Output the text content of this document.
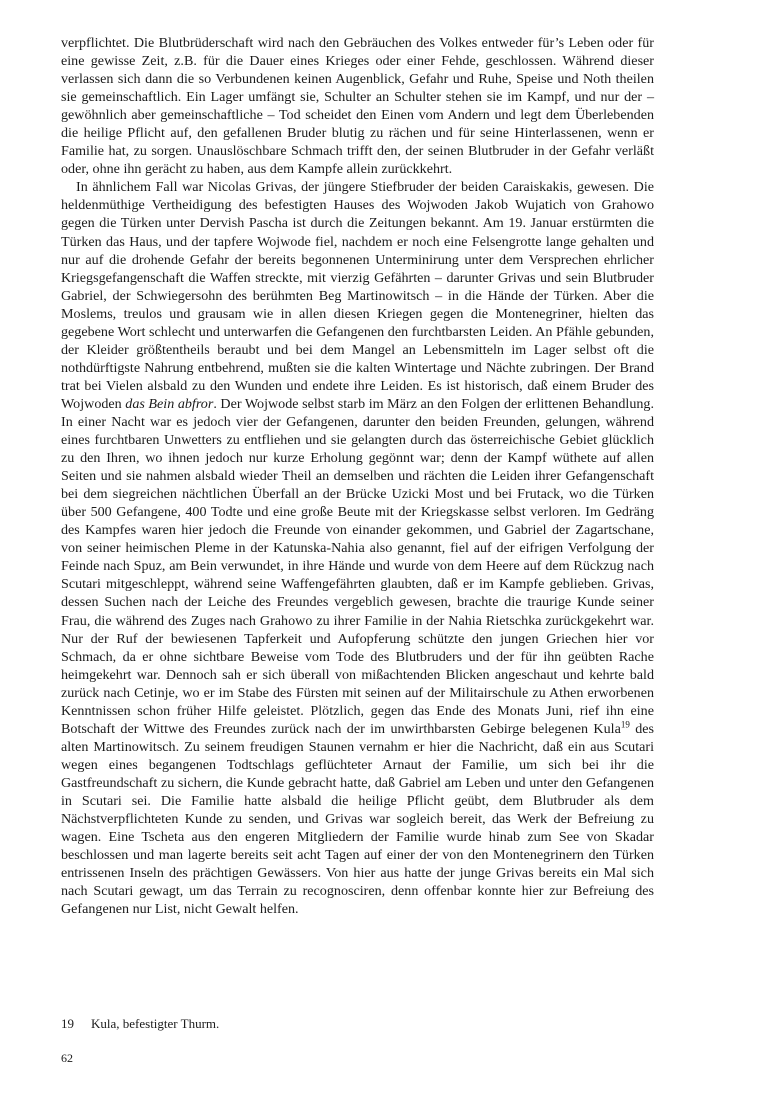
verpflichtet. Die Blutbrüderschaft wird nach den Gebräuchen des Volkes entweder für’s Leben oder für eine gewisse Zeit, z.B. für die Dauer eines Krieges oder einer Fehde, geschlossen. Während dieser verlassen sich dann die so Verbundenen keinen Augenblick, Gefahr und Ruhe, Speise und Noth theilen sie gemeinschaftlich. Ein Lager umfängt sie, Schulter an Schulter stehen sie im Kampf, und nur der – gewöhnlich aber gemeinschaftliche – Tod scheidet den Einen vom Andern und legt dem Überlebenden die heilige Pflicht auf, den gefallenen Bruder blutig zu rächen und für seine Hinterlassenen, wenn er Familie hat, zu sorgen. Unauslöschbare Schmach trifft den, der seinen Blutbruder in der Gefahr verläßt oder, ohne ihn gerächt zu haben, aus dem Kampfe allein zurückkehrt.

In ähnlichem Fall war Nicolas Grivas, der jüngere Stiefbruder der beiden Caraiskakis, gewesen. Die heldenmüthige Vertheidigung des befestigten Hauses des Wojwoden Jakob Wujatich von Grahowo gegen die Türken unter Dervish Pascha ist durch die Zeitungen bekannt. Am 19. Januar erstürmten die Türken das Haus, und der tapfere Wojwode fiel, nachdem er noch eine Felsengrotte lange gehalten und nur auf die drohende Gefahr der bereits begonnenen Unterminirung unter dem Versprechen ehrlicher Kriegsgefangenschaft die Waffen streckte, mit vierzig Gefährten – darunter Grivas und sein Blutbruder Gabriel, der Schwiegersohn des berühmten Beg Martinowitsch – in die Hände der Türken. Aber die Moslems, treulos und grausam wie in allen diesen Kriegen gegen die Montenegriner, hielten das gegebene Wort schlecht und unterwarfen die Gefangenen den furchtbarsten Leiden. An Pfähle gebunden, der Kleider größtentheils beraubt und bei dem Mangel an Lebensmitteln im Lager selbst oft die nothdürftigste Nahrung entbehrend, mußten sie die kalten Wintertage und Nächte zubringen. Der Brand trat bei Vielen alsbald zu den Wunden und endete ihre Leiden. Es ist historisch, daß einem Bruder des Wojwoden das Bein abfror. Der Wojwode selbst starb im März an den Folgen der erlittenen Behandlung. In einer Nacht war es jedoch vier der Gefangenen, darunter den beiden Freunden, gelungen, während eines furchtbaren Unwetters zu entfliehen und sie gelangten durch das österreichische Gebiet glücklich zu den Ihren, wo ihnen jedoch nur kurze Erholung gegönnt war; denn der Kampf wüthete auf allen Seiten und sie nahmen alsbald wieder Theil an demselben und rächten die Leiden ihrer Gefangenschaft bei dem siegreichen nächtlichen Überfall an der Brücke Uzicki Most und bei Frutack, wo die Türken über 500 Gefangene, 400 Todte und eine große Beute mit der Kriegskasse selbst verloren. Im Gedräng des Kampfes waren hier jedoch die Freunde von einander gekommen, und Gabriel der Zagartschane, von seiner heimischen Pleme in der Katunska-Nahia also genannt, fiel auf der eifrigen Verfolgung der Feinde nach Spuz, am Bein verwundet, in ihre Hände und wurde von dem Heere auf dem Rückzug nach Scutari mitgeschleppt, während seine Waffengefährten glaubten, daß er im Kampfe geblieben. Grivas, dessen Suchen nach der Leiche des Freundes vergeblich gewesen, brachte die traurige Kunde seiner Frau, die während des Zuges nach Grahowo zu ihrer Familie in der Nahia Rietschka zurückgekehrt war. Nur der Ruf der bewiesenen Tapferkeit und Aufopferung schützte den jungen Griechen hier vor Schmach, da er ohne sichtbare Beweise vom Tode des Blutbruders und der für ihn geübten Rache heimgekehrt war. Dennoch sah er sich überall von mißachtenden Blicken angeschaut und kehrte bald zurück nach Cetinje, wo er im Stabe des Fürsten mit seinen auf der Militairschule zu Athen erworbenen Kenntnissen schon früher Hilfe geleistet. Plötzlich, gegen das Ende des Monats Juni, rief ihn eine Botschaft der Wittwe des Freundes zurück nach der im unwirthbarsten Gebirge belegenen Kula$^{19}$ des alten Martinowitsch. Zu seinem freudigen Staunen vernahm er hier die Nachricht, daß ein aus Scutari wegen eines begangenen Todtschlags geflüchteter Arnaut der Familie, um sich bei ihr die Gastfreundschaft zu sichern, die Kunde gebracht hatte, daß Gabriel am Leben und unter den Gefangenen in Scutari sei. Die Familie hatte alsbald die heilige Pflicht geübt, dem Blutbruder als dem Nächstverpflichteten Kunde zu senden, und Grivas war sogleich bereit, das Werk der Befreiung zu wagen. Eine Tscheta aus den engeren Mitgliedern der Familie wurde hinab zum See von Skadar beschlossen und man lagerte bereits seit acht Tagen auf einer der von den Montenegrinern den Türken entrissenen Inseln des prächtigen Gewässers. Von hier aus hatte der junge Grivas bereits ein Mal sich nach Scutari gewagt, um das Terrain zu recognosciren, denn offenbar konnte hier zur Befreiung des Gefangenen nur List, nicht Gewalt helfen.

19 Kula, befestigter Thurm.
62
